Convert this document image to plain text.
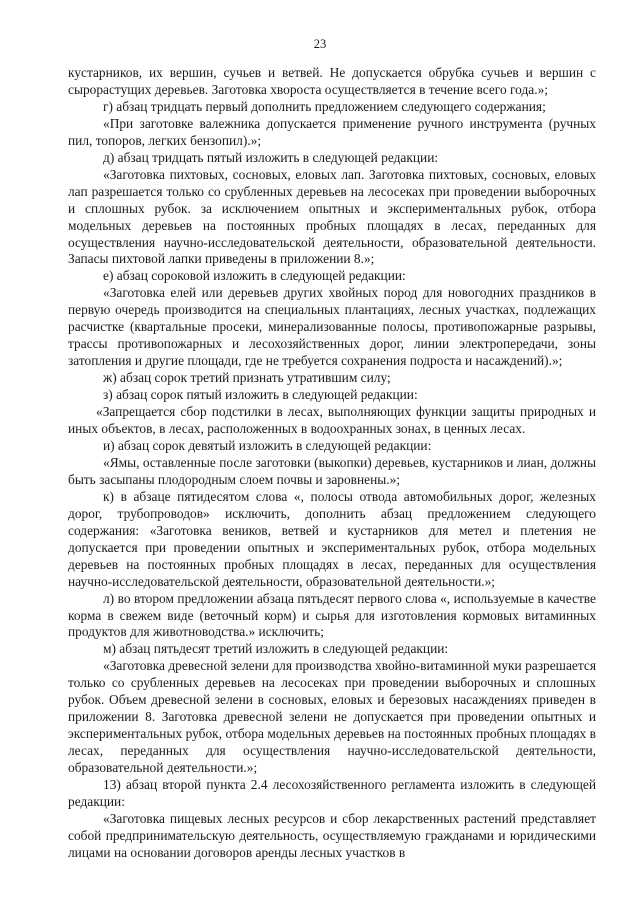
23

кустарников, их вершин, сучьев и ветвей. Не допускается обрубка сучьев и вершин с сырорастущих деревьев. Заготовка хвороста осуществляется в течение всего года.»;

г) абзац тридцать первый дополнить предложением следующего содержания;

«При заготовке валежника допускается применение ручного инструмента (ручных пил, топоров, легких бензопил).»;

д) абзац тридцать пятый изложить в следующей редакции:

«Заготовка пихтовых, сосновых, еловых лап. Заготовка пихтовых, сосновых, еловых лап разрешается только со срубленных деревьев на лесосеках при проведении выборочных и сплошных рубок. за исключением опытных и экспериментальных рубок, отбора модельных деревьев на постоянных пробных площадях в лесах, переданных для осуществления научно-исследовательской деятельности, образовательной деятельности. Запасы пихтовой лапки приведены в приложении 8.»;

е) абзац сороковой изложить в следующей редакции:

«Заготовка елей или деревьев других хвойных пород для новогодних праздников в первую очередь производится на специальных плантациях, лесных участках, подлежащих расчистке (квартальные просеки, минерализованные полосы, противопожарные разрывы, трассы противопожарных и лесохозяйственных дорог, линии электропередачи, зоны затопления и другие площади, где не требуется сохранения подроста и насаждений).»;

ж) абзац сорок третий признать утратившим силу;

з) абзац сорок пятый изложить в следующей редакции:

«Запрещается сбор подстилки в лесах, выполняющих функции защиты природных и иных объектов, в лесах, расположенных в водоохранных зонах, в ценных лесах.

и) абзац сорок девятый изложить в следующей редакции:

«Ямы, оставленные после заготовки (выкопки) деревьев, кустарников и лиан, должны быть засыпаны плодородным слоем почвы и заровнены.»;

к) в абзаце пятидесятом слова «, полосы отвода автомобильных дорог, железных дорог, трубопроводов» исключить, дополнить абзац предложением следующего содержания: «Заготовка веников, ветвей и кустарников для метел и плетения не допускается при проведении опытных и экспериментальных рубок, отбора модельных деревьев на постоянных пробных площадях в лесах, переданных для осуществления научно-исследовательской деятельности, образовательной деятельности.»;

л) во втором предложении абзаца пятьдесят первого слова «, используемые в качестве корма в свежем виде (веточный корм) и сырья для изготовления кормовых витаминных продуктов для животноводства.» исключить;

м) абзац пятьдесят третий изложить в следующей редакции:

«Заготовка древесной зелени для производства хвойно-витаминной муки разрешается только со срубленных деревьев на лесосеках при проведении выборочных и сплошных рубок. Объем древесной зелени в сосновых, еловых и березовых насаждениях приведен в приложении 8. Заготовка древесной зелени не допускается при проведении опытных и экспериментальных рубок, отбора модельных деревьев на постоянных пробных площадях в лесах, переданных для осуществления научно-исследовательской деятельности, образовательной деятельности.»;

13) абзац второй пункта 2.4 лесохозяйственного регламента изложить в следующей редакции:

«Заготовка пищевых лесных ресурсов и сбор лекарственных растений представляет собой предпринимательскую деятельность, осуществляемую гражданами и юридическими лицами на основании договоров аренды лесных участков в
